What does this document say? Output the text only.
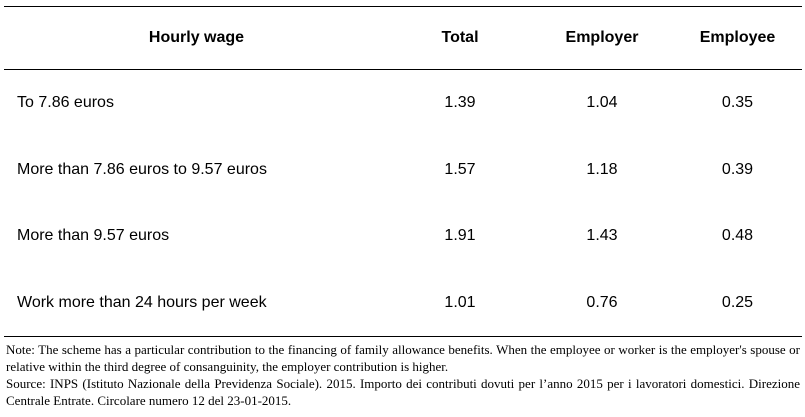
Hourly wage	Total	Employer	Employee
To 7.86 euros	1.39	1.04	0.35
More than 7.86 euros to 9.57 euros	1.57	1.18	0.39
More than 9.57 euros	1.91	1.43	0.48
Work more than 24 hours per week	1.01	0.76	0.25

Note: The scheme has a particular contribution to the financing of family allowance benefits. When the employee or worker is the employer's spouse or relative within the third degree of consanguinity, the employer contribution is higher.

Source: INPS (Istituto Nazionale della Previdenza Sociale). 2015. Importo dei contributi dovuti per l’anno 2015 per i lavoratori domestici. Direzione Centrale Entrate. Circolare numero 12 del 23-01-2015.
